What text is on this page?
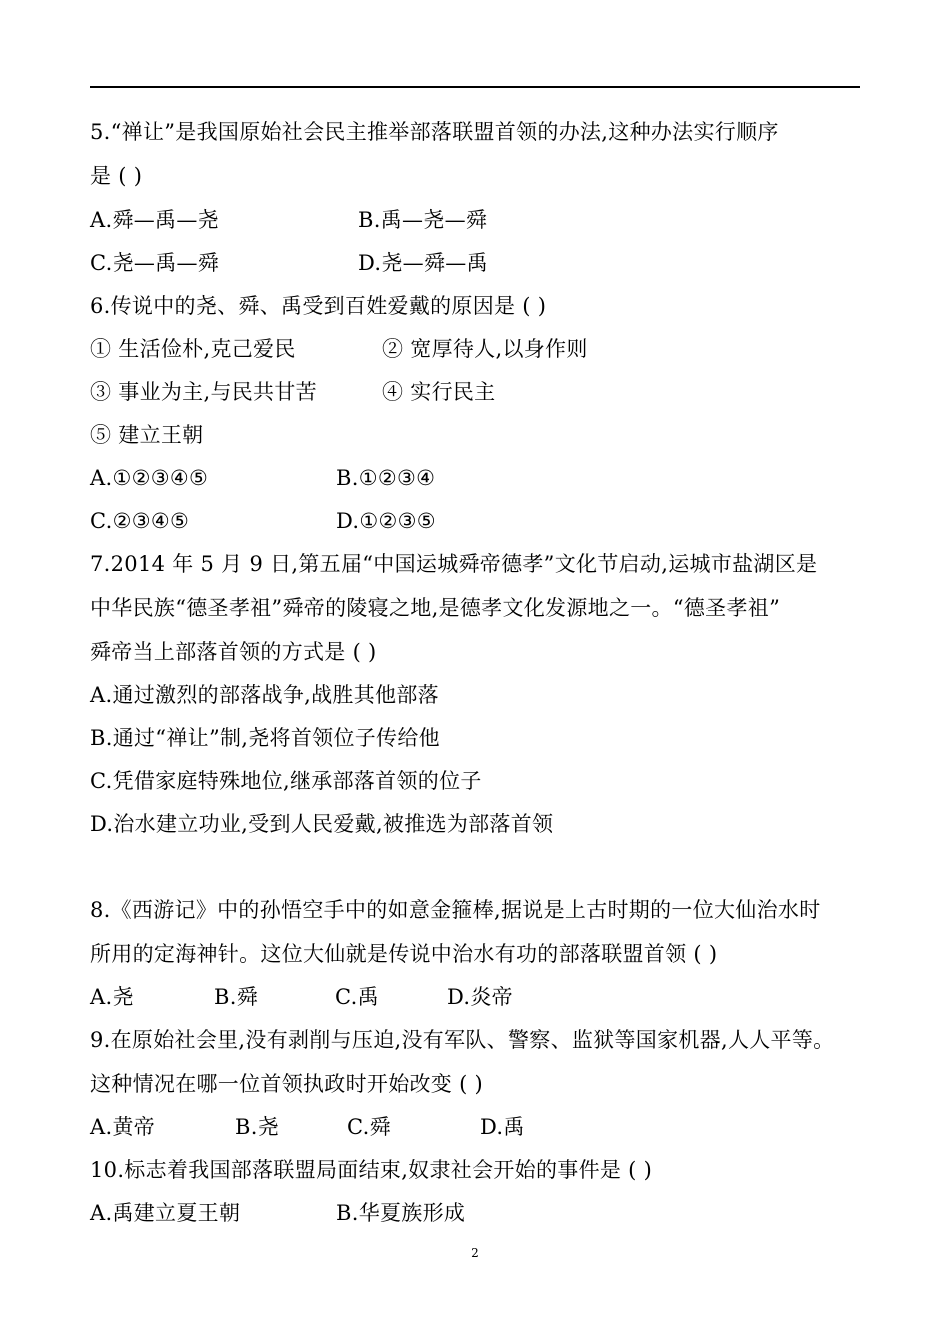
5.“禅让”是我国原始社会民主推举部落联盟首领的办法,这种办法实行顺序
是 ( )
A.舜—禹—尧	B.禹—尧—舜
C.尧—禹—舜	D.尧—舜—禹
6.传说中的尧、舜、禹受到百姓爱戴的原因是 ( )
① 生活俭朴,克己爱民	② 宽厚待人,以身作则
③ 事业为主,与民共甘苦	④ 实行民主
⑤ 建立王朝
A.①②③④⑤	B.①②③④
C.②③④⑤	D.①②③⑤
7.2014 年 5 月 9 日,第五届“中国运城舜帝德孝”文化节启动,运城市盐湖区是
中华民族“德圣孝祖”舜帝的陵寝之地,是德孝文化发源地之一。“德圣孝祖”
舜帝当上部落首领的方式是 ( )
A.通过激烈的部落战争,战胜其他部落
B.通过“禅让”制,尧将首领位子传给他
C.凭借家庭特殊地位,继承部落首领的位子
D.治水建立功业,受到人民爱戴,被推选为部落首领
8.《西游记》中的孙悟空手中的如意金箍棒,据说是上古时期的一位大仙治水时
所用的定海神针。这位大仙就是传说中治水有功的部落联盟首领 ( )
A.尧	B.舜	C.禹	D.炎帝
9.在原始社会里,没有剥削与压迫,没有军队、警察、监狱等国家机器,人人平等。
这种情况在哪一位首领执政时开始改变 ( )
A.黄帝	B.尧	C.舜	D.禹
10.标志着我国部落联盟局面结束,奴隶社会开始的事件是 ( )
A.禹建立夏王朝	B.华夏族形成
2
